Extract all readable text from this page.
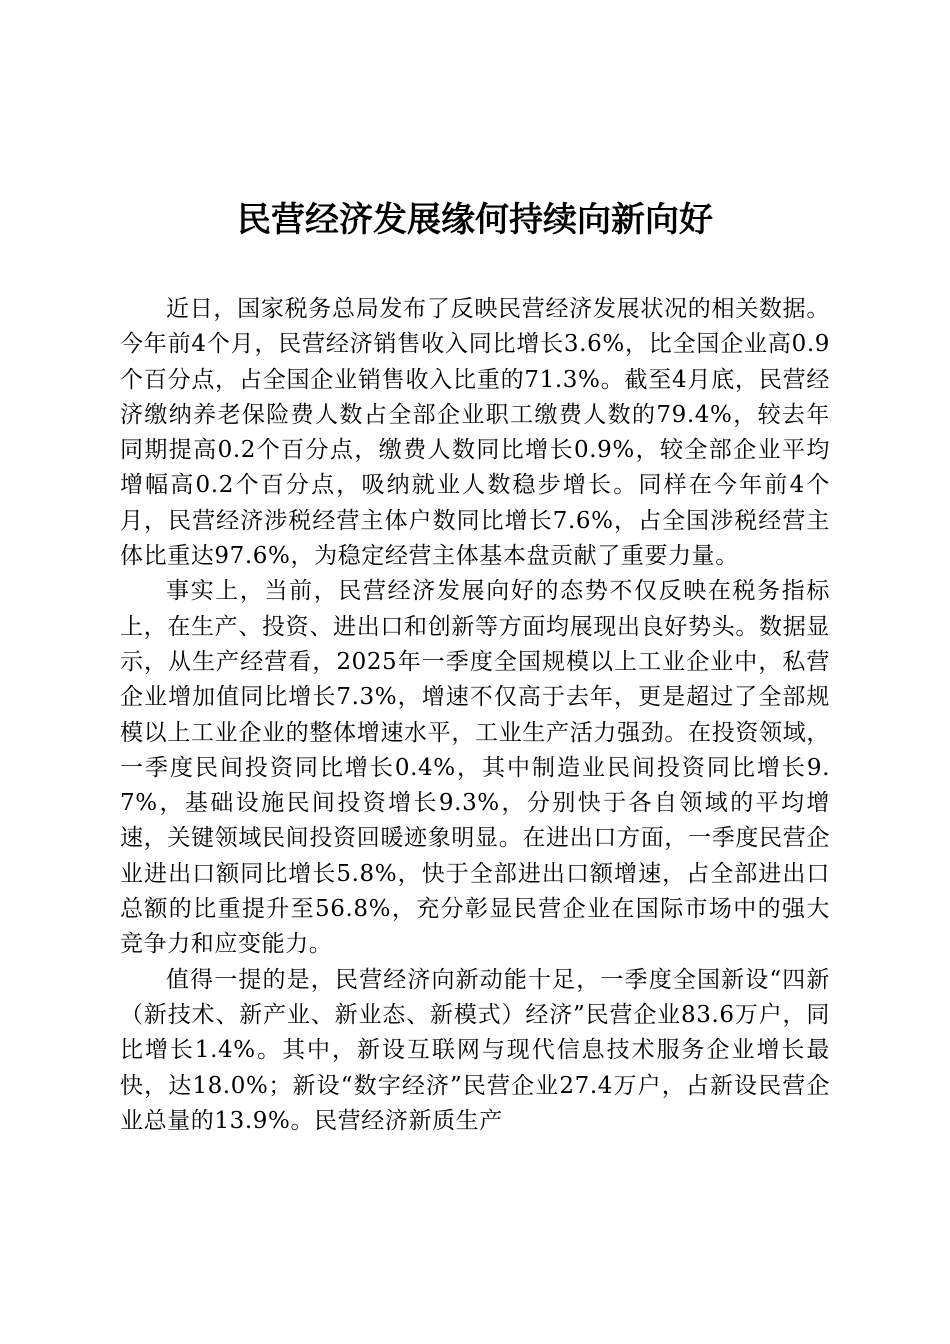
民营经济发展缘何持续向新向好

近日，国家税务总局发布了反映民营经济发展状况的相关数据。今年前4个月，民营经济销售收入同比增长3.6%，比全国企业高0.9个百分点，占全国企业销售收入比重的71.3%。截至4月底，民营经济缴纳养老保险费人数占全部企业职工缴费人数的79.4%，较去年同期提高0.2个百分点，缴费人数同比增长0.9%，较全部企业平均增幅高0.2个百分点，吸纳就业人数稳步增长。同样在今年前4个月，民营经济涉税经营主体户数同比增长7.6%，占全国涉税经营主体比重达97.6%，为稳定经营主体基本盘贡献了重要力量。

事实上，当前，民营经济发展向好的态势不仅反映在税务指标上，在生产、投资、进出口和创新等方面均展现出良好势头。数据显示，从生产经营看，2025年一季度全国规模以上工业企业中，私营企业增加值同比增长7.3%，增速不仅高于去年，更是超过了全部规模以上工业企业的整体增速水平，工业生产活力强劲。在投资领域，一季度民间投资同比增长0.4%，其中制造业民间投资同比增长9.7%，基础设施民间投资增长9.3%，分别快于各自领域的平均增速，关键领域民间投资回暖迹象明显。在进出口方面，一季度民营企业进出口额同比增长5.8%，快于全部进出口额增速，占全部进出口总额的比重提升至56.8%，充分彰显民营企业在国际市场中的强大竞争力和应变能力。

值得一提的是，民营经济向新动能十足，一季度全国新设“四新（新技术、新产业、新业态、新模式）经济”民营企业83.6万户，同比增长1.4%。其中，新设互联网与现代信息技术服务企业增长最快，达18.0%；新设“数字经济”民营企业27.4万户，占新设民营企业总量的13.9%。民营经济新质生产
